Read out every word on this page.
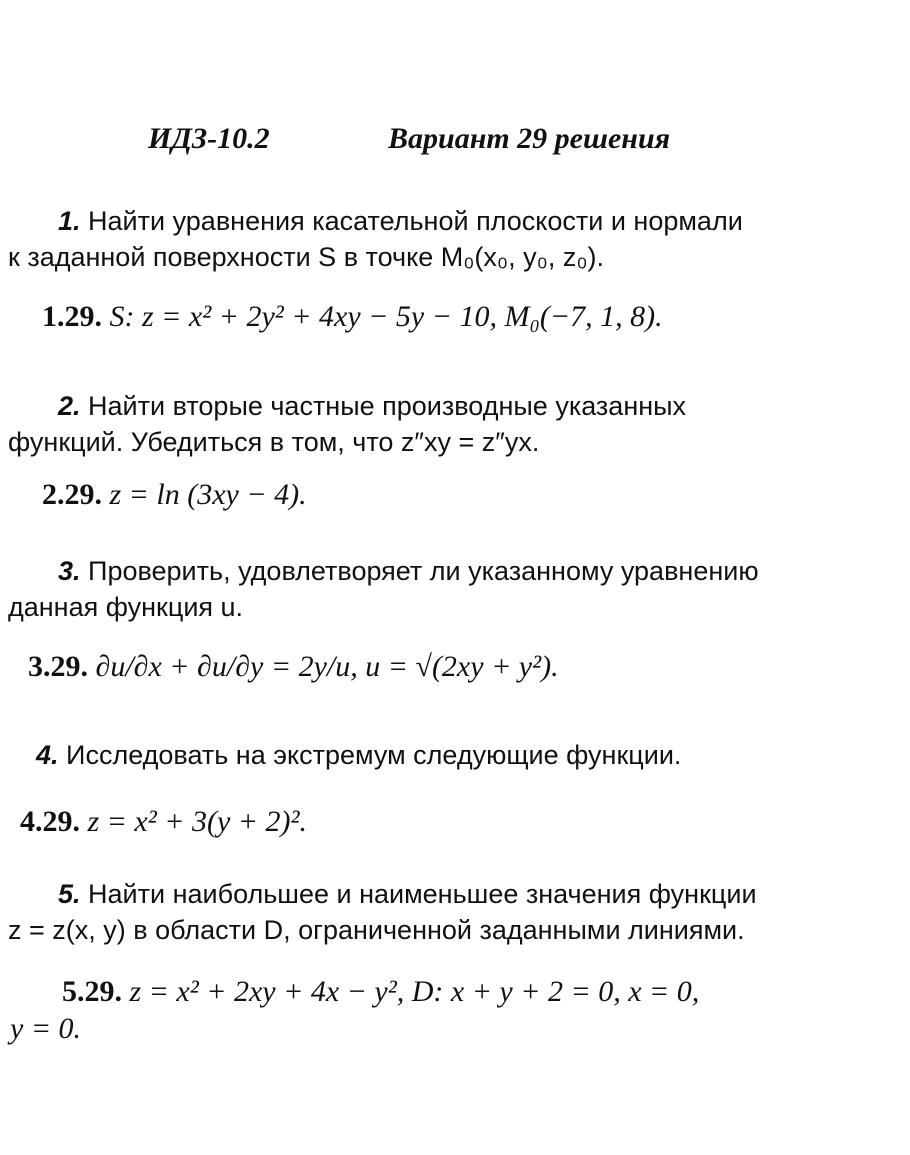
ИДЗ-10.2	Вариант 29 решения
1. Найти уравнения касательной плоскости и нормали
к заданной поверхности S в точке M₀(x₀, y₀, z₀).
1.29. S: z = x² + 2y² + 4xy − 5y − 10, M₀(−7, 1, 8).
2. Найти вторые частные производные указанных
функций. Убедиться в том, что z″xy = z″yx.
2.29. z = ln (3xy − 4).
3. Проверить, удовлетворяет ли указанному уравнению
данная функция u.
3.29. ∂u/∂x + ∂u/∂y = 2y/u, u = √(2xy + y²).
4. Исследовать на экстремум следующие функции.
4.29. z = x² + 3(y + 2)².
5. Найти наибольшее и наименьшее значения функции
z = z(x, y) в области D, ограниченной заданными линиями.
5.29. z = x² + 2xy + 4x − y², D: x + y + 2 = 0, x = 0,
y = 0.
